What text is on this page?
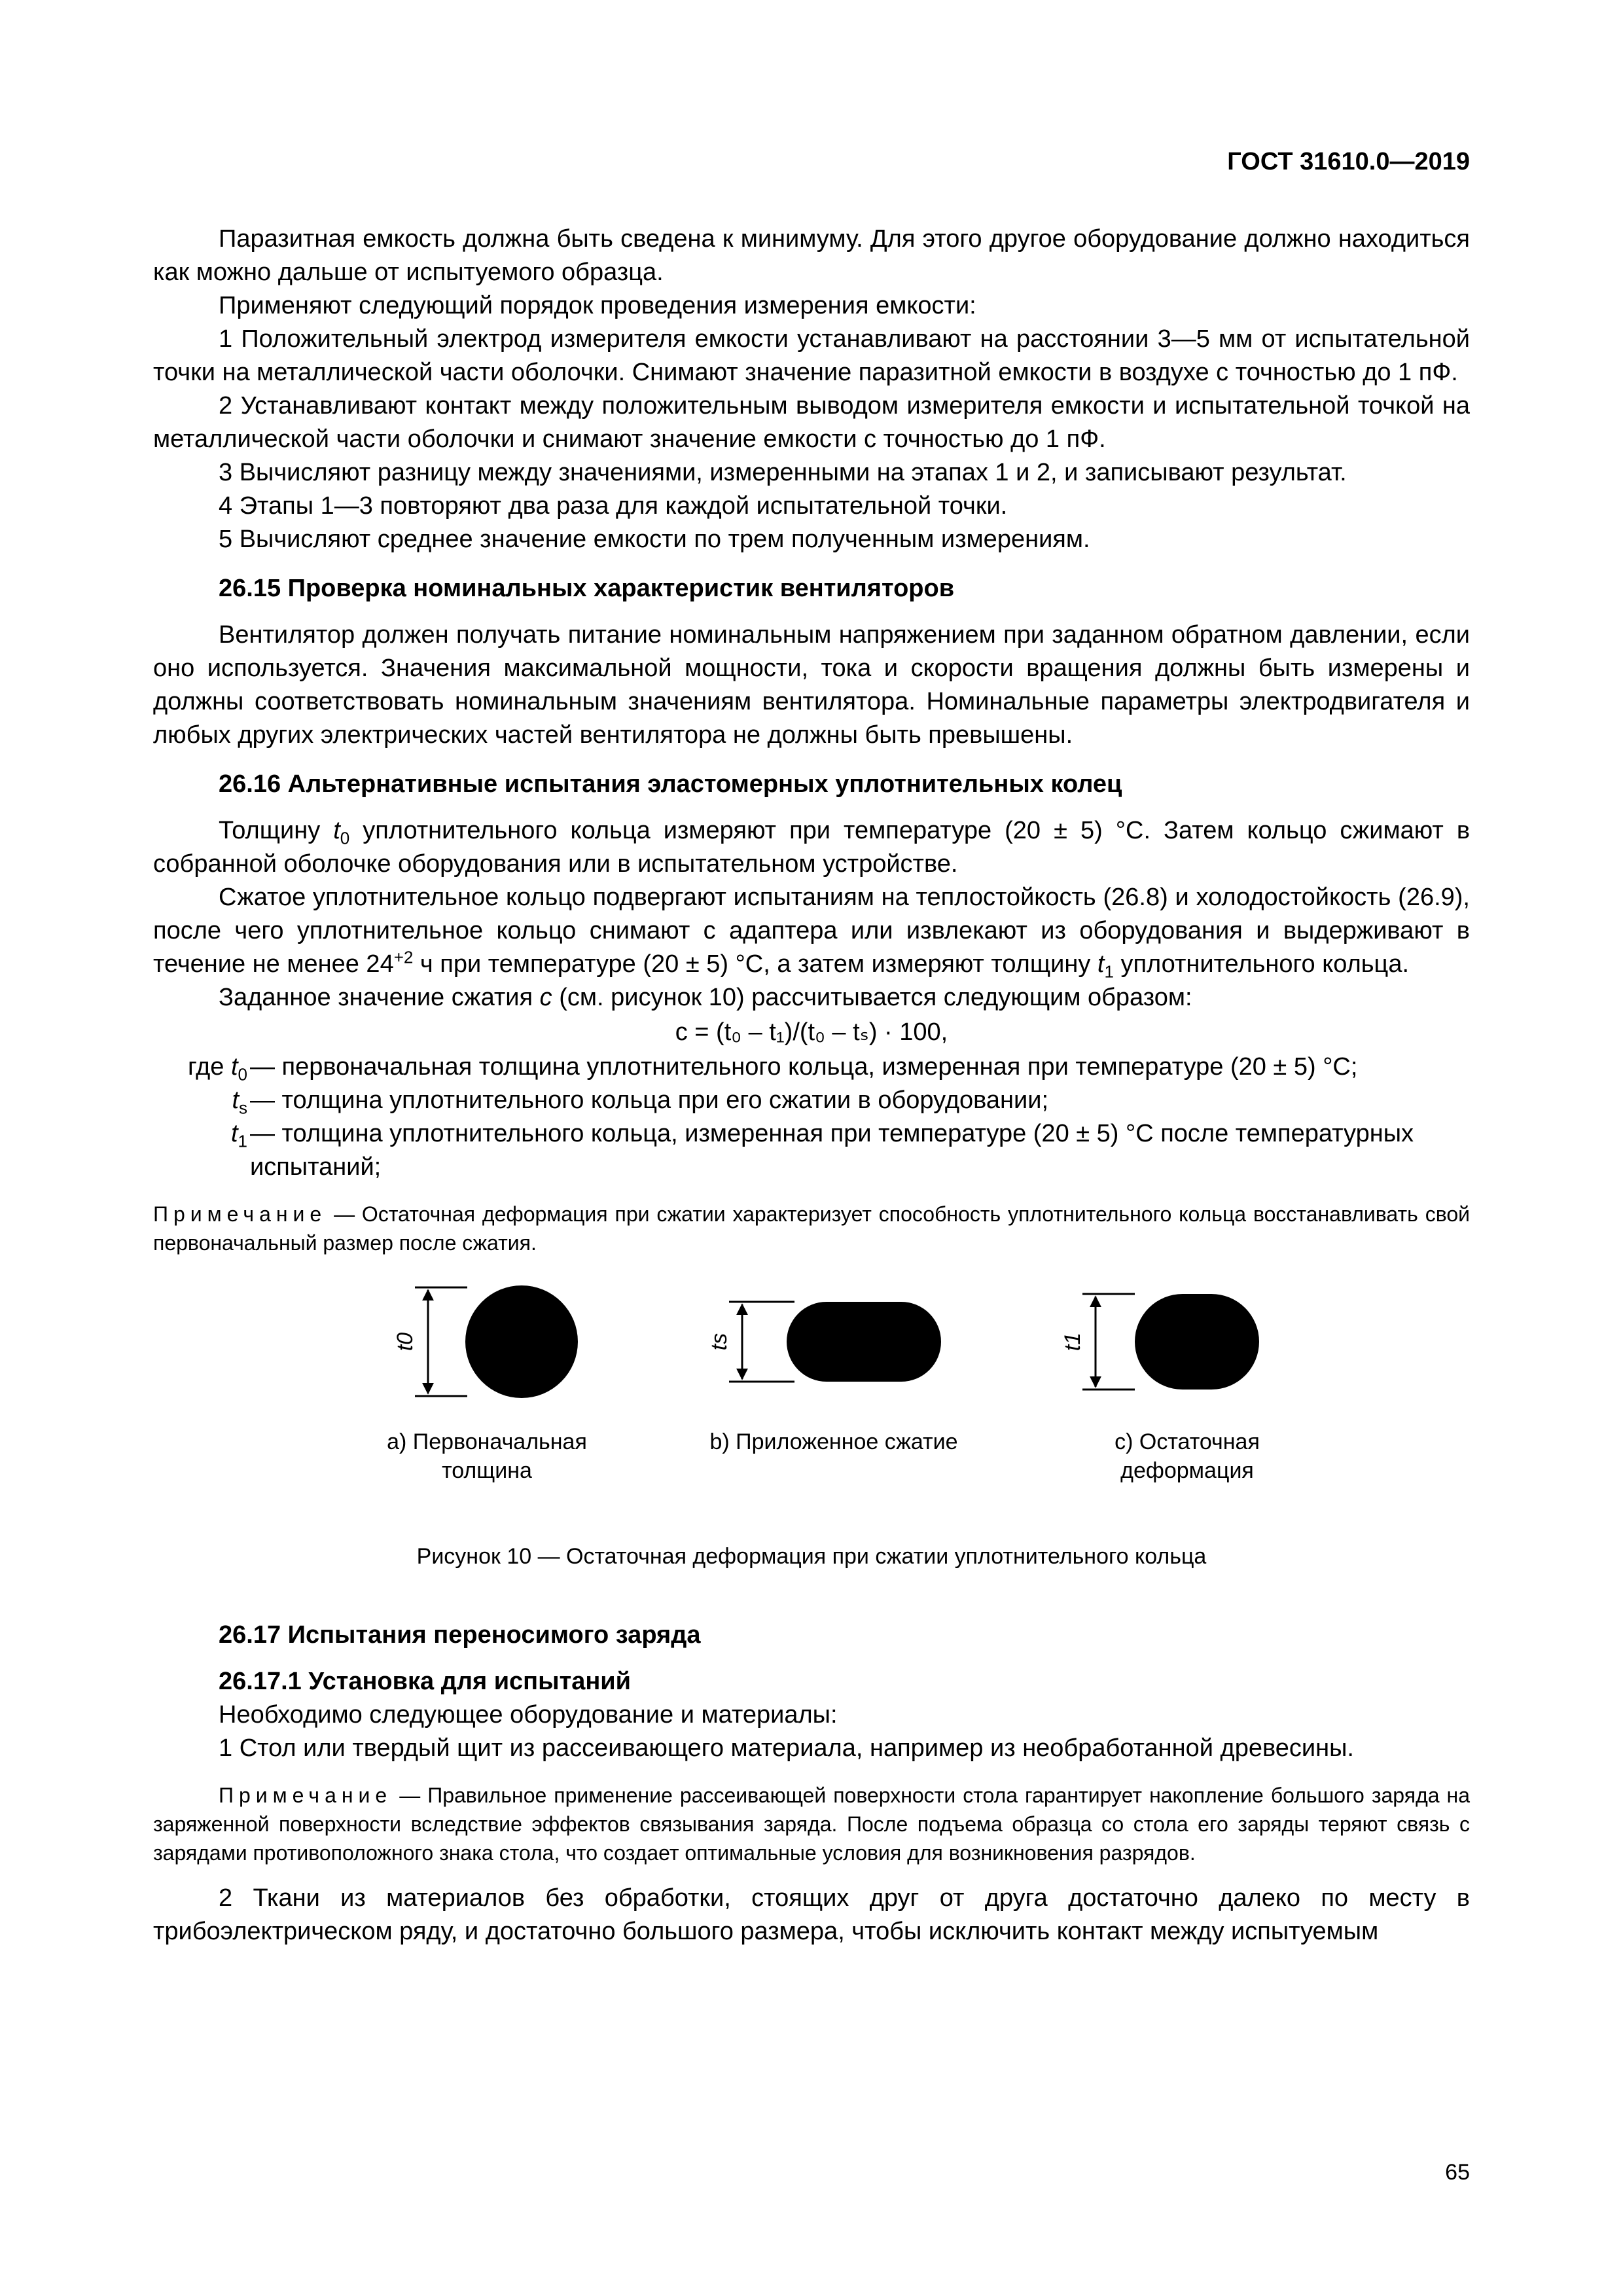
ГОСТ 31610.0—2019

Паразитная емкость должна быть сведена к минимуму. Для этого другое оборудование должно находиться как можно дальше от испытуемого образца.

Применяют следующий порядок проведения измерения емкости:

1 Положительный электрод измерителя емкости устанавливают на расстоянии 3—5 мм от испытательной точки на металлической части оболочки. Снимают значение паразитной емкости в воздухе с точностью до 1 пФ.

2 Устанавливают контакт между положительным выводом измерителя емкости и испытательной точкой на металлической части оболочки и снимают значение емкости с точностью до 1 пФ.

3 Вычисляют разницу между значениями, измеренными на этапах 1 и 2, и записывают результат.

4 Этапы 1—3 повторяют два раза для каждой испытательной точки.

5 Вычисляют среднее значение емкости по трем полученным измерениям.

26.15 Проверка номинальных характеристик вентиляторов

Вентилятор должен получать питание номинальным напряжением при заданном обратном давлении, если оно используется. Значения максимальной мощности, тока и скорости вращения должны быть измерены и должны соответствовать номинальным значениям вентилятора. Номинальные параметры электродвигателя и любых других электрических частей вентилятора не должны быть превышены.

26.16 Альтернативные испытания эластомерных уплотнительных колец

Толщину $t_0$ уплотнительного кольца измеряют при температуре (20 ± 5) °С. Затем кольцо сжимают в собранной оболочке оборудования или в испытательном устройстве.

Сжатое уплотнительное кольцо подвергают испытаниям на теплостойкость (26.8) и холодостойкость (26.9), после чего уплотнительное кольцо снимают с адаптера или извлекают из оборудования и выдерживают в течение не менее $24^{+2}$ ч при температуре (20 ± 5) °С, а затем измеряют толщину $t_1$ уплотнительного кольца.

Заданное значение сжатия c (см. рисунок 10) рассчитывается следующим образом:

c = (t₀ – t₁)/(t₀ – tₛ) · 100,

где $t_0$ — первоначальная толщина уплотнительного кольца, измеренная при температуре (20 ± 5) °С;
$t_s$ — толщина уплотнительного кольца при его сжатии в оборудовании;
$t_1$ — толщина уплотнительного кольца, измеренная при температуре (20 ± 5) °С после температурных испытаний;
Примечание — Остаточная деформация при сжатии характеризует способность уплотнительного кольца восстанавливать свой первоначальный размер после сжатия.
t0	ts	t1
a) Первоначальная толщина
b) Приложенное сжатие	c) Остаточная деформация
Рисунок 10 — Остаточная деформация при сжатии уплотнительного кольца
26.17 Испытания переносимого заряда
26.17.1 Установка для испытаний

Необходимо следующее оборудование и материалы:

1 Стол или твердый щит из рассеивающего материала, например из необработанной древесины.

Примечание — Правильное применение рассеивающей поверхности стола гарантирует накопление большого заряда на заряженной поверхности вследствие эффектов связывания заряда. После подъема образца со стола его заряды теряют связь с зарядами противоположного знака стола, что создает оптимальные условия для возникновения разрядов.

2 Ткани из материалов без обработки, стоящих друг от друга достаточно далеко по месту в трибоэлектрическом ряду, и достаточно большого размера, чтобы исключить контакт между испытуемым

65
